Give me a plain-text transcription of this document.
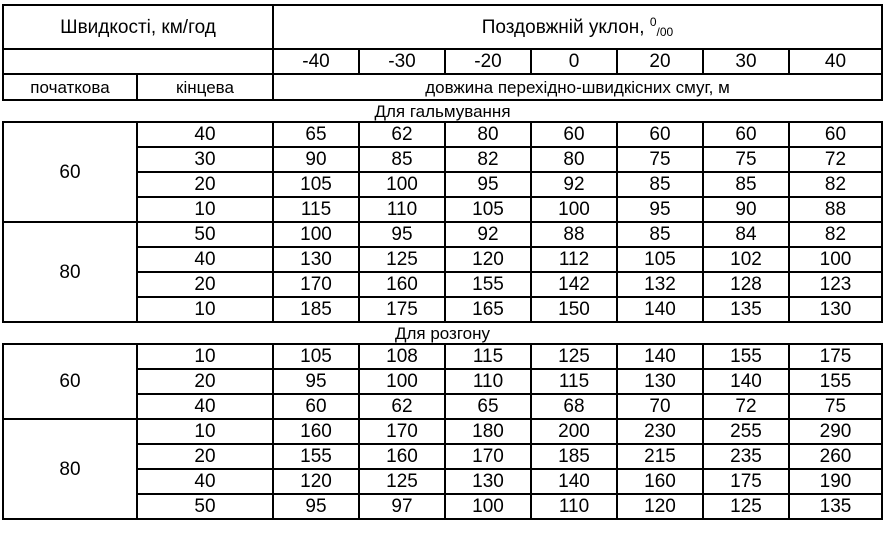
Швидкості, км/год		Поздовжній уклон, $^0$/00						
		-40	-30	-20	0	20	30	40
початкова	кінцева	довжина перехідно-швидкісних смуг, м						
Для гальмування								
60	40	65	62	80	60	60	60	60
	30	90	85	82	80	75	75	72
	20	105	100	95	92	85	85	82
	10	115	110	105	100	95	90	88
80	50	100	95	92	88	85	84	82
	40	130	125	120	112	105	102	100
	20	170	160	155	142	132	128	123
	10	185	175	165	150	140	135	130
Для розгону								
60	10	105	108	115	125	140	155	175
	20	95	100	110	115	130	140	155
	40	60	62	65	68	70	72	75
80	10	160	170	180	200	230	255	290
	20	155	160	170	185	215	235	260
	40	120	125	130	140	160	175	190
	50	95	97	100	110	120	125	135
